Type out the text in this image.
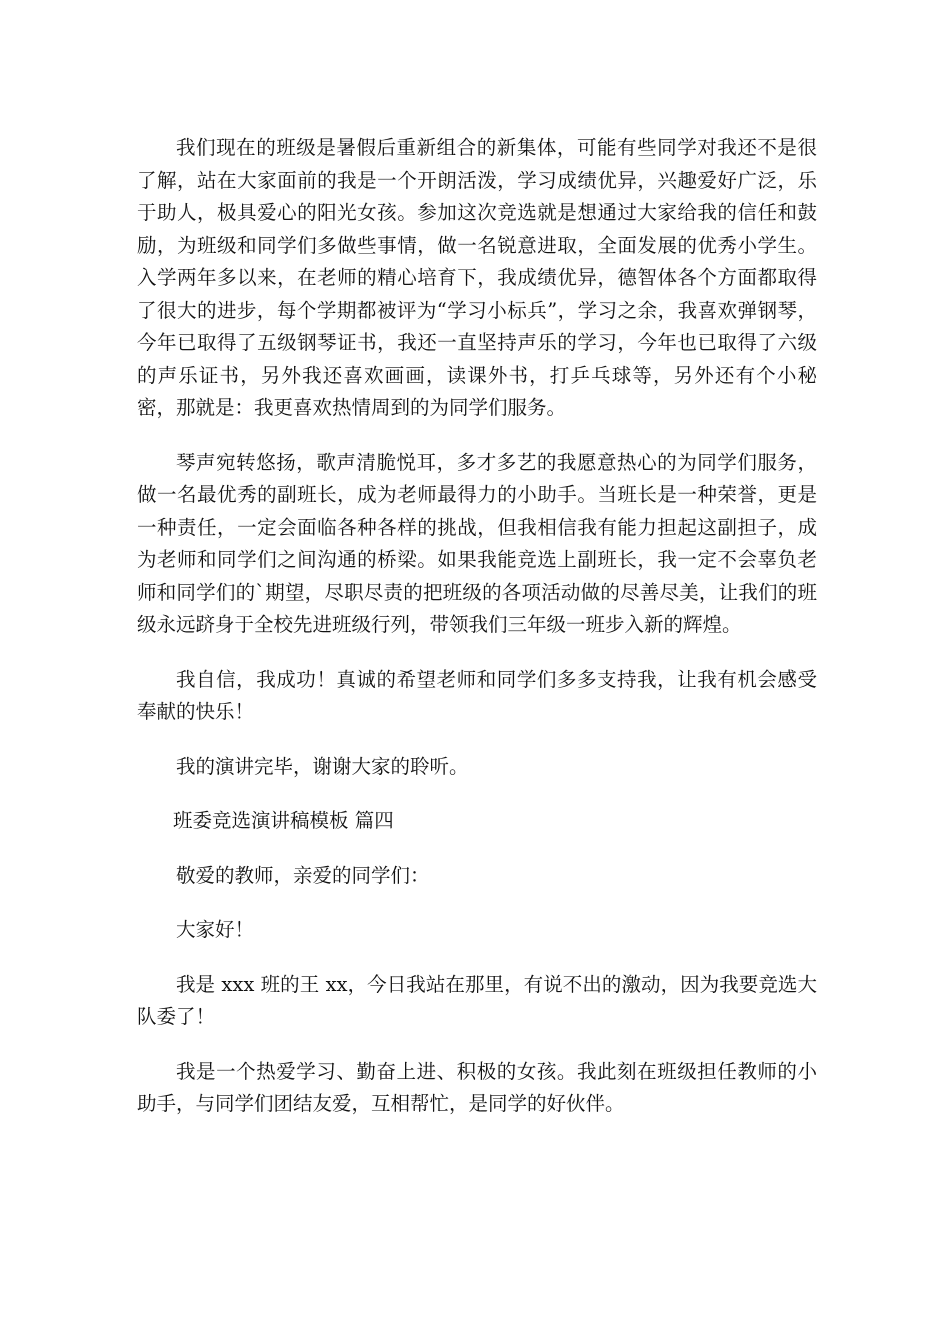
我们现在的班级是暑假后重新组合的新集体，可能有些同学对我还不是很了解，站在大家面前的我是一个开朗活泼，学习成绩优异，兴趣爱好广泛，乐于助人，极具爱心的阳光女孩。参加这次竞选就是想通过大家给我的信任和鼓励，为班级和同学们多做些事情，做一名锐意进取，全面发展的优秀小学生。入学两年多以来，在老师的精心培育下，我成绩优异，德智体各个方面都取得了很大的进步，每个学期都被评为“学习小标兵”，学习之余，我喜欢弹钢琴，今年已取得了五级钢琴证书，我还一直坚持声乐的学习，今年也已取得了六级的声乐证书，另外我还喜欢画画，读课外书，打乒乓球等，另外还有个小秘密，那就是：我更喜欢热情周到的为同学们服务。

琴声宛转悠扬，歌声清脆悦耳，多才多艺的我愿意热心的为同学们服务，做一名最优秀的副班长，成为老师最得力的小助手。当班长是一种荣誉，更是一种责任，一定会面临各种各样的挑战，但我相信我有能力担起这副担子，成为老师和同学们之间沟通的桥梁。如果我能竞选上副班长，我一定不会辜负老师和同学们的`期望，尽职尽责的把班级的各项活动做的尽善尽美，让我们的班级永远跻身于全校先进班级行列，带领我们三年级一班步入新的辉煌。

我自信，我成功！真诚的希望老师和同学们多多支持我，让我有机会感受奉献的快乐！

我的演讲完毕，谢谢大家的聆听。

班委竞选演讲稿模板 篇四

敬爱的教师，亲爱的同学们：

大家好！

我是 xxx 班的王 xx，今日我站在那里，有说不出的激动，因为我要竞选大队委了！

我是一个热爱学习、勤奋上进、积极的女孩。我此刻在班级担任教师的小助手，与同学们团结友爱，互相帮忙，是同学的好伙伴。
